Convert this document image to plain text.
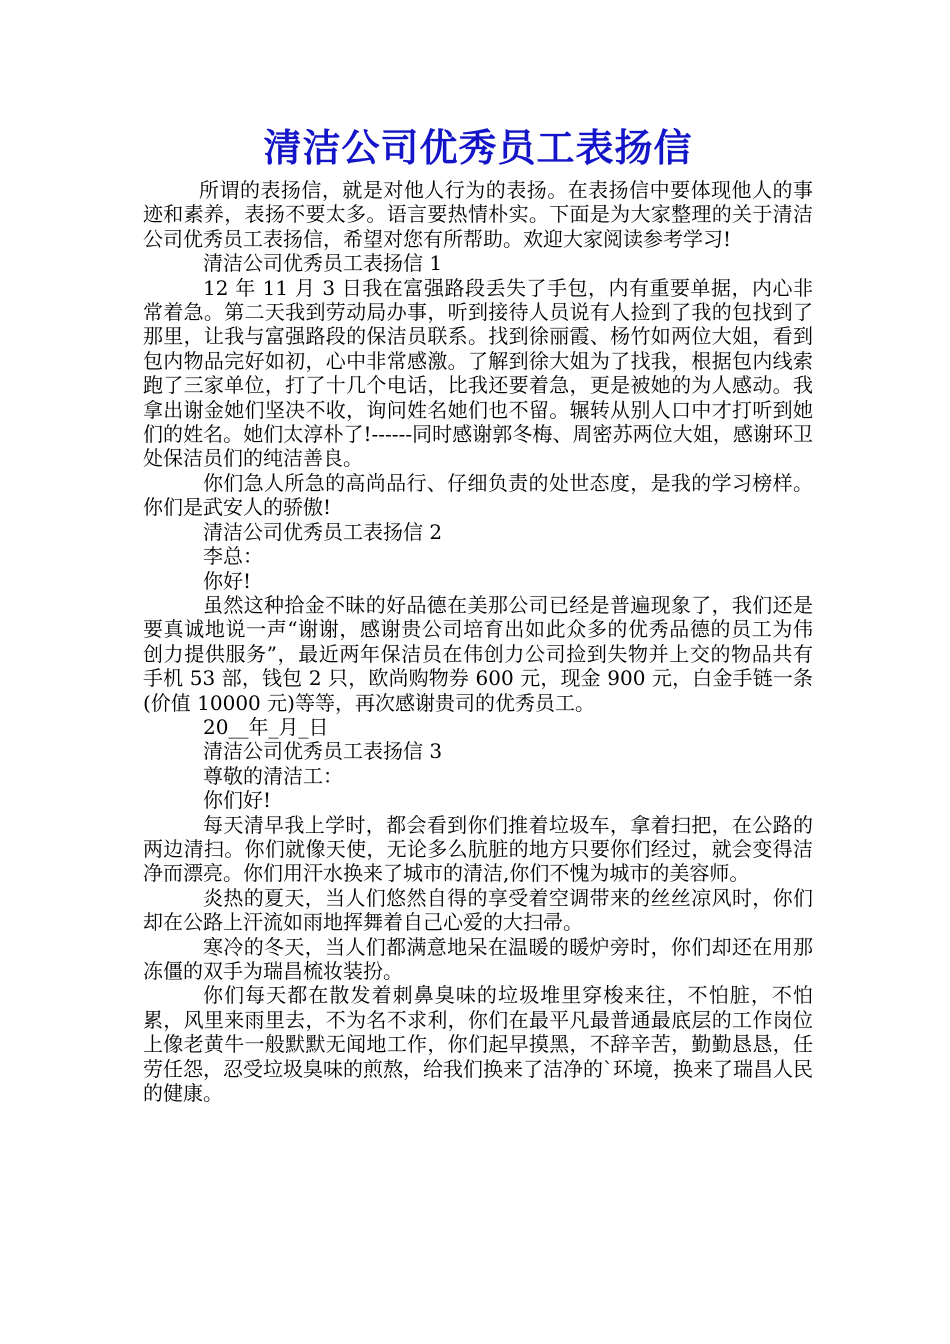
清洁公司优秀员工表扬信

所谓的表扬信，就是对他人行为的表扬。在表扬信中要体现他人的事迹和素养，表扬不要太多。语言要热情朴实。下面是为大家整理的关于清洁公司优秀员工表扬信，希望对您有所帮助。欢迎大家阅读参考学习!

清洁公司优秀员工表扬信 1

12 年 11 月 3 日我在富强路段丢失了手包，内有重要单据，内心非常着急。第二天我到劳动局办事，听到接待人员说有人捡到了我的包找到了那里，让我与富强路段的保洁员联系。找到徐丽霞、杨竹如两位大姐，看到包内物品完好如初，心中非常感激。了解到徐大姐为了找我，根据包内线索跑了三家单位，打了十几个电话，比我还要着急，更是被她的为人感动。我拿出谢金她们坚决不收，询问姓名她们也不留。辗转从别人口中才打听到她们的姓名。她们太淳朴了!------同时感谢郭冬梅、周密苏两位大姐，感谢环卫处保洁员们的纯洁善良。

你们急人所急的高尚品行、仔细负责的处世态度，是我的学习榜样。你们是武安人的骄傲!

清洁公司优秀员工表扬信 2

李总：

你好!

虽然这种拾金不昧的好品德在美那公司已经是普遍现象了，我们还是要真诚地说一声“谢谢，感谢贵公司培育出如此众多的优秀品德的员工为伟创力提供服务”，最近两年保洁员在伟创力公司捡到失物并上交的物品共有手机 53 部，钱包 2 只，欧尚购物券 600 元，现金 900 元，白金手链一条(价值 10000 元)等等，再次感谢贵司的优秀员工。

20__年_月_日

清洁公司优秀员工表扬信 3

尊敬的清洁工：

你们好!

每天清早我上学时，都会看到你们推着垃圾车，拿着扫把，在公路的两边清扫。你们就像天使，无论多么肮脏的地方只要你们经过，就会变得洁净而漂亮。你们用汗水换来了城市的清洁,你们不愧为城市的美容师。

炎热的夏天，当人们悠然自得的享受着空调带来的丝丝凉风时，你们却在公路上汗流如雨地挥舞着自己心爱的大扫帚。

寒冷的冬天，当人们都满意地呆在温暖的暖炉旁时，你们却还在用那冻僵的双手为瑞昌梳妆装扮。

你们每天都在散发着刺鼻臭味的垃圾堆里穿梭来往，不怕脏，不怕累，风里来雨里去，不为名不求利，你们在最平凡最普通最底层的工作岗位上像老黄牛一般默默无闻地工作，你们起早摸黑，不辞辛苦，勤勤恳恳，任劳任怨，忍受垃圾臭味的煎熬，给我们换来了洁净的`环境，换来了瑞昌人民的健康。
